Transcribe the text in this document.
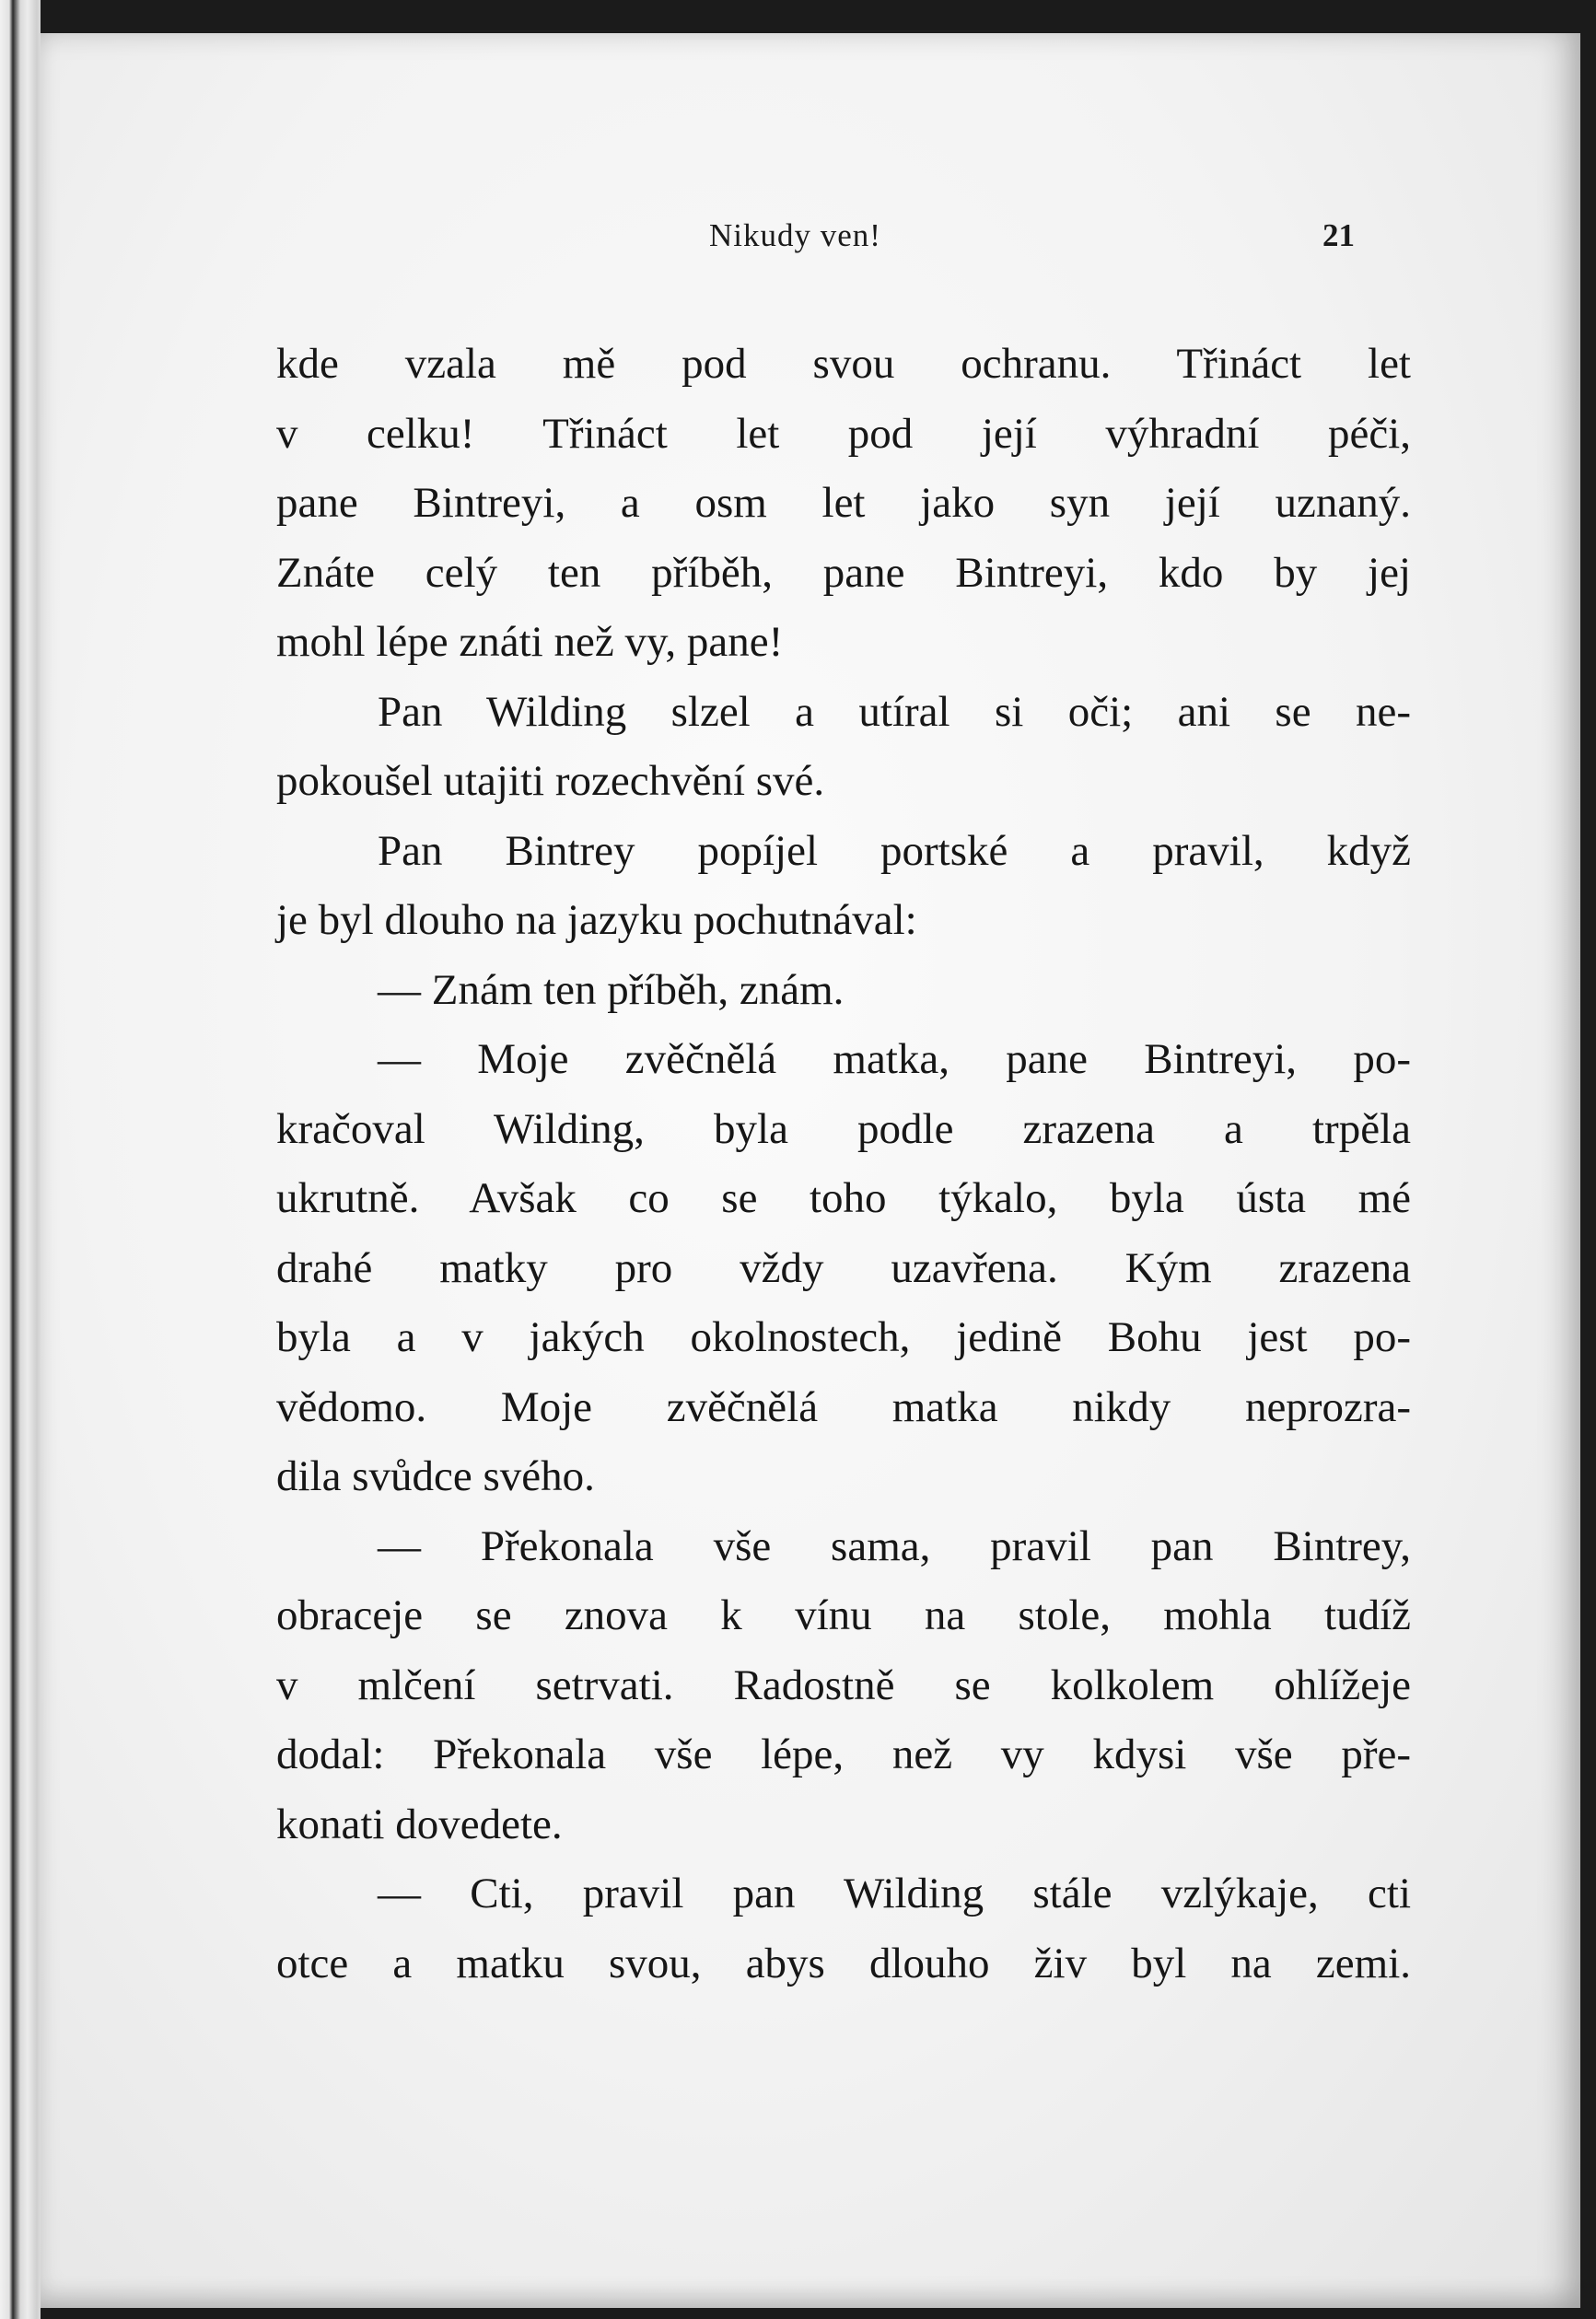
Nikudy ven!	21
kde vzala mě pod svou ochranu. Třináct let
v celku! Třináct let pod její výhradní péči,
pane Bintreyi, a osm let jako syn její uznaný.
Znáte celý ten příběh, pane Bintreyi, kdo by jej
mohl lépe znáti než vy, pane!
Pan Wilding slzel a utíral si oči; ani se ne-
pokoušel utajiti rozechvění své.
Pan Bintrey popíjel portské a pravil, když
je byl dlouho na jazyku pochutnával:
— Znám ten příběh, znám.
— Moje zvěčnělá matka, pane Bintreyi, po-
kračoval Wilding, byla podle zrazena a trpěla
ukrutně. Avšak co se toho týkalo, byla ústa mé
drahé matky pro vždy uzavřena. Kým zrazena
byla a v jakých okolnostech, jedině Bohu jest po-
vědomo. Moje zvěčnělá matka nikdy neprozra-
dila svůdce svého.
— Překonala vše sama, pravil pan Bintrey,
obraceje se znova k vínu na stole, mohla tudíž
v mlčení setrvati. Radostně se kolkolem ohlížeje
dodal: Překonala vše lépe, než vy kdysi vše pře-
konati dovedete.
— Cti, pravil pan Wilding stále vzlýkaje, cti
otce a matku svou, abys dlouho živ byl na zemi.
